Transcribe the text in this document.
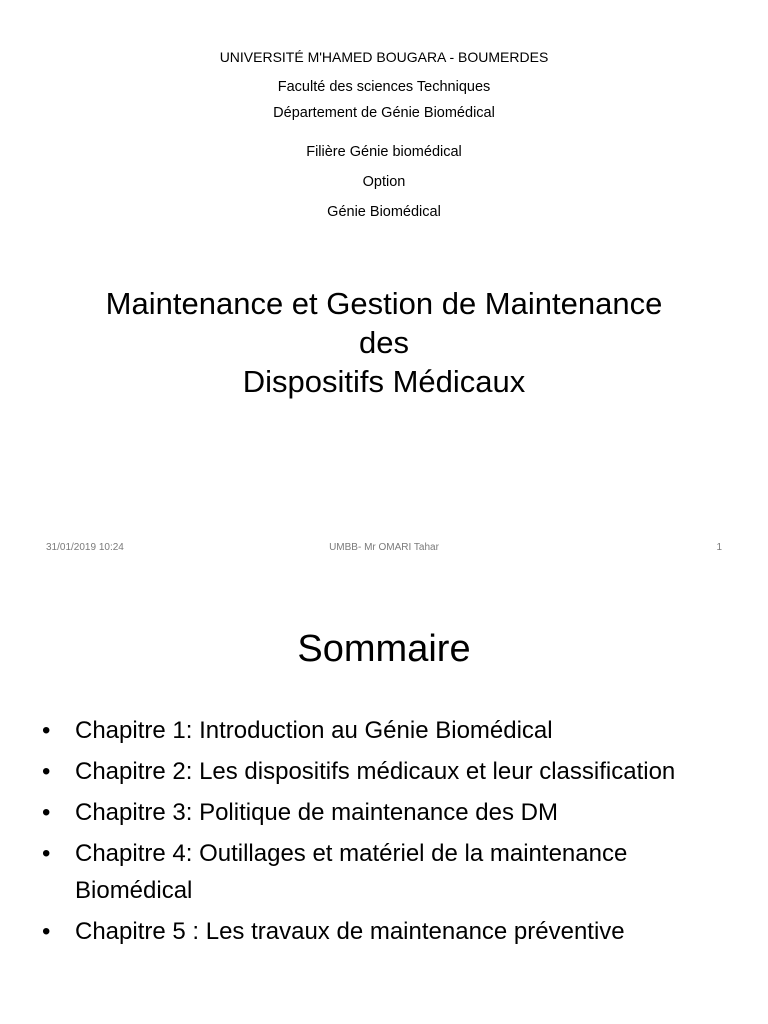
UNIVERSITÉ M'HAMED BOUGARA - BOUMERDES
Faculté des sciences Techniques
Département de Génie Biomédical
Filière Génie biomédical
Option
Génie Biomédical
Maintenance et Gestion de Maintenance
des
Dispositifs Médicaux
31/01/2019 10:24	UMBB- Mr OMARI Tahar	1
Sommaire
•	Chapitre 1: Introduction au Génie Biomédical
•	Chapitre 2: Les dispositifs médicaux et leur classification
•	Chapitre 3: Politique de maintenance des DM
•	Chapitre 4: Outillages et matériel de la maintenance Biomédical
•	Chapitre 5 : Les travaux de maintenance préventive
